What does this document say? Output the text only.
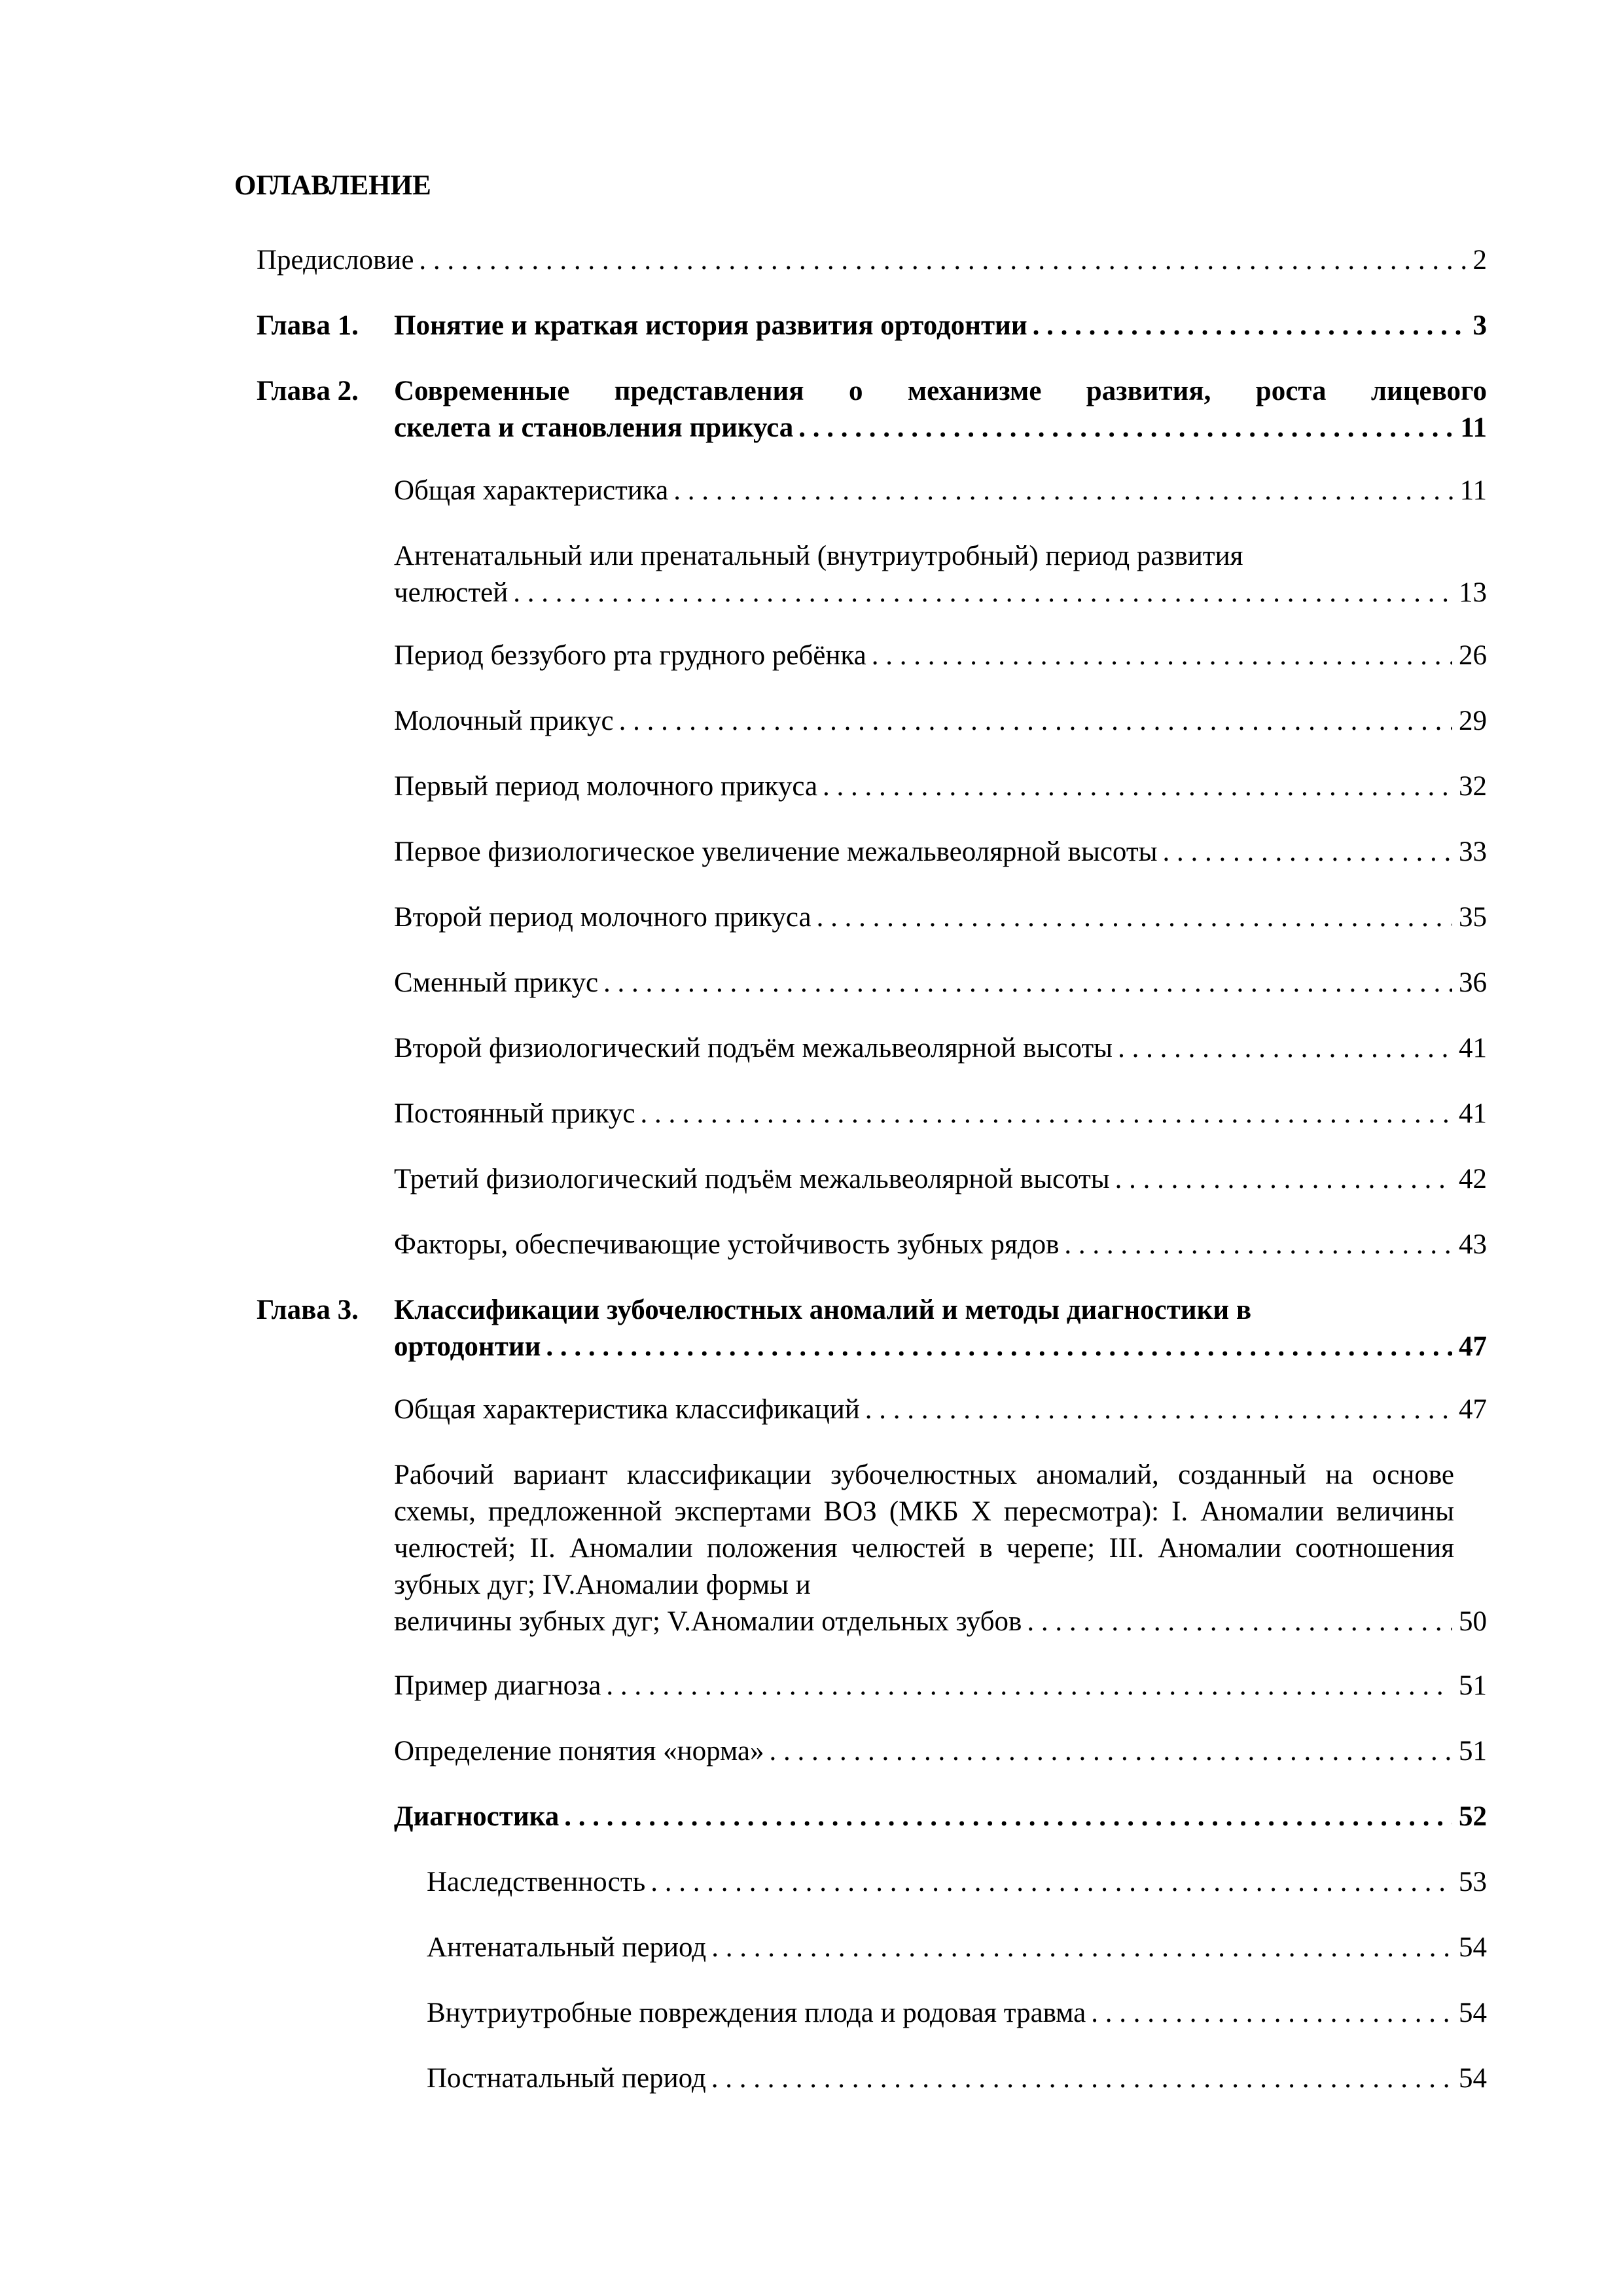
ОГЛАВЛЕНИЕ
Предисловие . . .	2
Глава 1. Понятие и краткая история развития ортодонтии . . .	3
Глава 2. Современные представления о механизме развития, роста лицевого
скелета и становления прикуса . . .	11
Общая характеристика . . .	11
Антенатальный или пренатальный (внутриутробный) период развития
челюстей . . .	13
Период беззубого рта грудного ребёнка . . .	26
Молочный прикус . . .	29
Первый период молочного прикуса . . .	32
Первое физиологическое увеличение межальвеолярной высоты . . .	33
Второй период молочного прикуса . . .	35
Сменный прикус . . .	36
Второй физиологический подъём межальвеолярной высоты . . .	41
Постоянный прикус . . .	41
Третий физиологический подъём межальвеолярной высоты . . .	42
Факторы, обеспечивающие устойчивость зубных рядов . . .	43
Глава 3. Классификации зубочелюстных аномалий и методы диагностики в
ортодонтии . . .	47
Общая характеристика классификаций . . .	47
Рабочий вариант классификации зубочелюстных аномалий, созданный на основе схемы, предложенной экспертами ВОЗ (МКБ X пересмотра): I. Аномалии величины челюстей; II. Аномалии положения челюстей в черепе; III. Аномалии соотношения зубных дуг; IV.Аномалии формы и
величины зубных дуг; V.Аномалии отдельных зубов . . .	50
Пример диагноза . . .	51
Определение понятия «норма» . . .	51
Диагностика . . .	52
Наследственность . . .	53
Антенатальный период . . .	54
Внутриутробные повреждения плода и родовая травма . . .	54
Постнатальный период . . .	54
